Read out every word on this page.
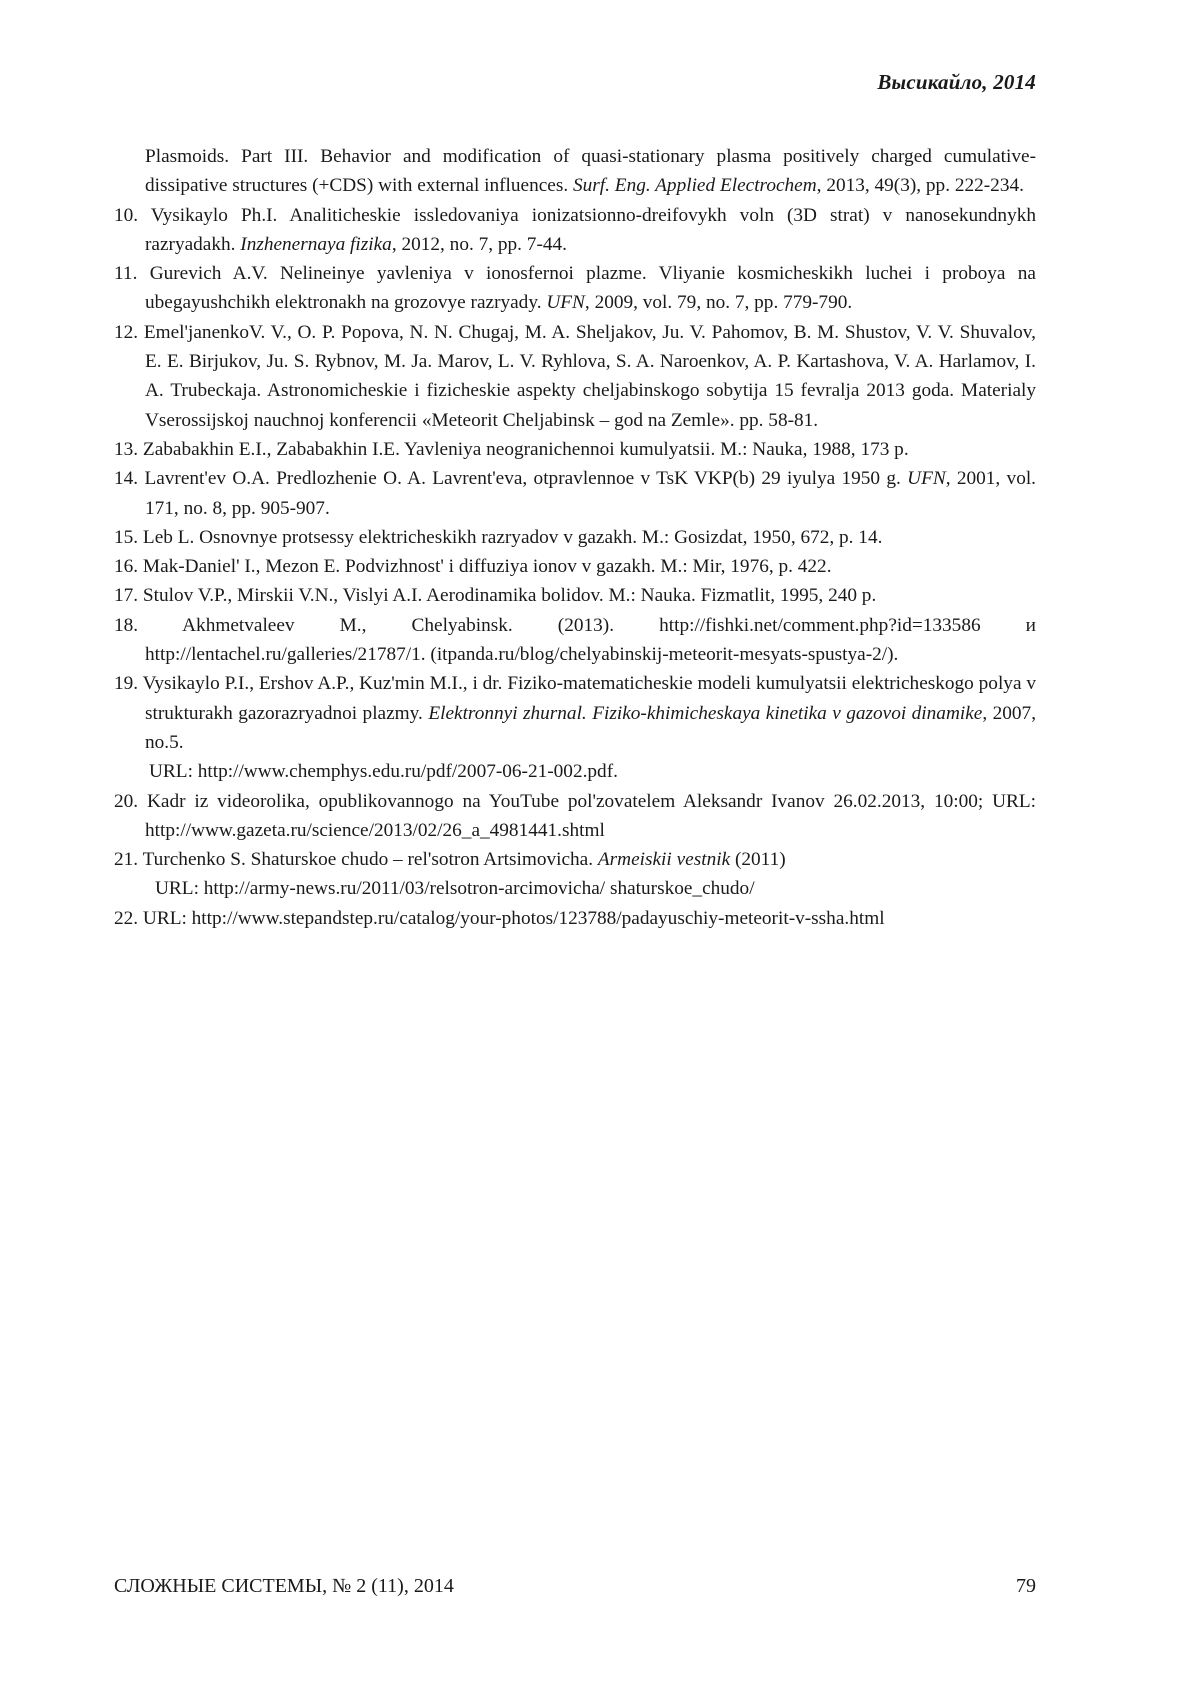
Высикайло, 2014
Plasmoids. Part III. Behavior and modification of quasi-stationary plasma positively charged cumulative-dissipative structures (+CDS) with external influences. Surf. Eng. Applied Electrochem, 2013, 49(3), pp. 222-234.
10. Vysikaylo Ph.I. Analiticheskie issledovaniya ionizatsionno-dreifovykh voln (3D strat) v nanosekundnykh razryadakh. Inzhenernaya fizika, 2012, no. 7, pp. 7-44.
11. Gurevich A.V. Nelineinye yavleniya v ionosfernoi plazme. Vliyanie kosmicheskikh luchei i proboya na ubegayushchikh elektronakh na grozovye razryady. UFN, 2009, vol. 79, no. 7, pp. 779-790.
12. Emel'janenkoV. V., O. P. Popova, N. N. Chugaj, M. A. Sheljakov, Ju. V. Pahomov, B. M. Shustov, V. V. Shuvalov, E. E. Birjukov, Ju. S. Rybnov, M. Ja. Marov, L. V. Ryhlova, S. A. Naroenkov, A. P. Kartashova, V. A. Harlamov, I. A. Trubeckaja. Astronomicheskie i fizicheskie aspekty cheljabinskogo sobytija 15 fevralja 2013 goda. Materialy Vserossijskoj nauchnoj konferencii «Meteorit Cheljabinsk – god na Zemle». pp. 58-81.
13. Zababakhin E.I., Zababakhin I.E. Yavleniya neogranichennoi kumulyatsii. M.: Nauka, 1988, 173 p.
14. Lavrent'ev O.A. Predlozhenie O. A. Lavrent'eva, otpravlennoe v TsK VKP(b) 29 iyulya 1950 g. UFN, 2001, vol. 171, no. 8, pp. 905-907.
15. Leb L. Osnovnye protsessy elektricheskikh razryadov v gazakh. M.: Gosizdat, 1950, 672, p. 14.
16. Mak-Daniel' I., Mezon E. Podvizhnost' i diffuziya ionov v gazakh. M.: Mir, 1976, p. 422.
17. Stulov V.P., Mirskii V.N., Vislyi A.I. Aerodinamika bolidov. M.: Nauka. Fizmatlit, 1995, 240 p.
18. Akhmetvaleev M., Chelyabinsk. (2013). http://fishki.net/comment.php?id=133586 и http://lentachel.ru/galleries/21787/1. (itpanda.ru/blog/chelyabinskij-meteorit-mesyats-spustya-2/).
19. Vysikaylo P.I., Ershov A.P., Kuz'min M.I., i dr. Fiziko-matematicheskie modeli kumulyatsii elektricheskogo polya v strukturakh gazorazryadnoi plazmy. Elektronnyi zhurnal. Fiziko-khimicheskaya kinetika v gazovoi dinamike, 2007, no.5.
URL: http://www.chemphys.edu.ru/pdf/2007-06-21-002.pdf.
20. Kadr iz videorolika, opublikovannogo na YouTube pol'zovatelem Aleksandr Ivanov 26.02.2013, 10:00; URL: http://www.gazeta.ru/science/2013/02/26_a_4981441.shtml
21. Turchenko S. Shaturskoe chudo – rel'sotron Artsimovicha. Armeiskii vestnik (2011)
URL: http://army-news.ru/2011/03/relsotron-arcimovicha/ shaturskoe_chudo/
22. URL: http://www.stepandstep.ru/catalog/your-photos/123788/padayuschiy-meteorit-v-ssha.html
СЛОЖНЫЕ СИСТЕМЫ, № 2 (11), 2014	79
